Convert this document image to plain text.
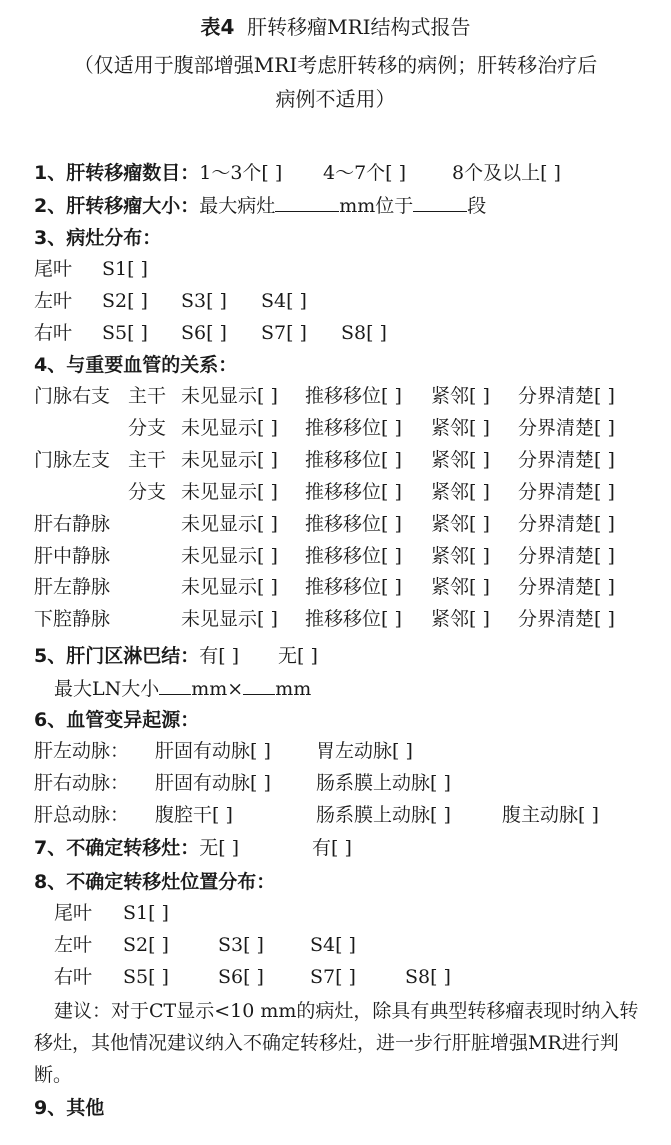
表4 肝转移瘤MRI结构式报告
（仅适用于腹部增强MRI考虑肝转移的病例；肝转移治疗后
病例不适用）
1、肝转移瘤数目：1～3个[ ] 4～7个[ ] 8个及以上[ ]
2、肝转移瘤大小：最大病灶	mm位于	段
3、病灶分布：
尾叶 S1[ ]
左叶 S2[ ] S3[ ] S4[ ]
右叶 S5[ ] S6[ ] S7[ ] S8[ ]
4、与重要血管的关系：
门脉右支 主干 未见显示[ ] 推移移位[ ] 紧邻[ ] 分界清楚[ ]
分支 未见显示[ ] 推移移位[ ] 紧邻[ ] 分界清楚[ ]
门脉左支 主干 未见显示[ ] 推移移位[ ] 紧邻[ ] 分界清楚[ ]
分支 未见显示[ ] 推移移位[ ] 紧邻[ ] 分界清楚[ ]
肝右静脉	未见显示[ ] 推移移位[ ] 紧邻[ ] 分界清楚[ ]
肝中静脉	未见显示[ ] 推移移位[ ] 紧邻[ ] 分界清楚[ ]
肝左静脉	未见显示[ ] 推移移位[ ] 紧邻[ ] 分界清楚[ ]
下腔静脉	未见显示[ ] 推移移位[ ] 紧邻[ ] 分界清楚[ ]
5、肝门区淋巴结：有[ ] 无[ ]
最大LN大小 mm× mm
6、血管变异起源：
肝左动脉： 肝固有动脉[ ] 胃左动脉[ ]
肝右动脉： 肝固有动脉[ ] 肠系膜上动脉[ ]
肝总动脉： 腹腔干[ ]	肠系膜上动脉[ ]	腹主动脉[ ]
7、不确定转移灶：无[ ]	有[ ]
8、不确定转移灶位置分布：
尾叶 S1[ ]
左叶 S2[ ]	S3[ ] S4[ ]
右叶 S5[ ]	S6[ ] S7[ ]	S8[ ]
建议：对于CT显示<10 mm的病灶，除具有典型转移瘤表现时纳入转移灶，其他情况建议纳入不确定转移灶，进一步行肝脏增强MR进行判断。
9、其他
